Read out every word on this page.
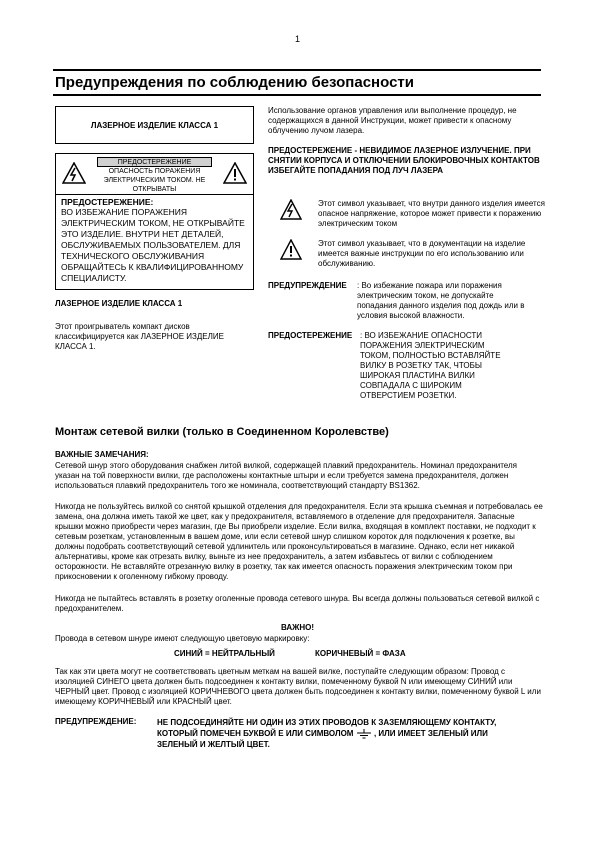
1
Предупреждения по соблюдению безопасности
ЛАЗЕРНОЕ ИЗДЕЛИЕ КЛАССА 1
ПРЕДОСТЕРЕЖЕНИЕ
ОПАСНОСТЬ ПОРАЖЕНИЯ ЭЛЕКТРИЧЕСКИМ ТОКОМ. НЕ ОТКРЫВАТЫ
ПРЕДОСТЕРЕЖЕНИЕ:
ВО ИЗБЕЖАНИЕ ПОРАЖЕНИЯ ЭЛЕКТРИЧЕСКИМ ТОКОМ, НЕ ОТКРЫВАЙТЕ ЭТО ИЗДЕЛИЕ. ВНУТРИ НЕТ ДЕТАЛЕЙ, ОБСЛУЖИВАЕМЫХ ПОЛЬЗОВАТЕЛЕМ. ДЛЯ ТЕХНИЧЕСКОГО ОБСЛУЖИВАНИЯ ОБРАЩАЙТЕСЬ К КВАЛИФИЦИРОВАННОМУ СПЕЦИАЛИСТУ.
ЛАЗЕРНОЕ ИЗДЕЛИЕ КЛАССА 1
Этот проигрыватель компакт дисков классифицируется как ЛАЗЕРНОЕ ИЗДЕЛИЕ КЛАССА 1.
Использование органов управления или выполнение процедур, не содержащихся в данной Инструкции, может привести к опасному облучению лучом лазера.
ПРЕДОСТЕРЕЖЕНИЕ - НЕВИДИМОЕ ЛАЗЕРНОЕ ИЗЛУЧЕНИЕ. ПРИ СНЯТИИ КОРПУСА И ОТКЛЮЧЕНИИ БЛОКИРОВОЧНЫХ КОНТАКТОВ ИЗБЕГАЙТЕ ПОПАДАНИЯ ПОД ЛУЧ ЛАЗЕРА
Этот символ указывает, что внутри данного изделия имеется опасное напряжение, которое может привести к поражению электрическим током
Этот символ указывает, что в документации на изделие имеется важные инструкции по его использованию или обслуживанию.
ПРЕДУПРЕЖДЕНИЕ : Во избежание пожара или поражения электрическим током, не допускайте попадания данного изделия под дождь или в условия высокой влажности.
ПРЕДОСТЕРЕЖЕНИЕ : ВО ИЗБЕЖАНИЕ ОПАСНОСТИ ПОРАЖЕНИЯ ЭЛЕКТРИЧЕСКИМ ТОКОМ, ПОЛНОСТЬЮ ВСТАВЛЯЙТЕ ВИЛКУ В РОЗЕТКУ ТАК, ЧТОБЫ ШИРОКАЯ ПЛАСТИНА ВИЛКИ СОВПАДАЛА С ШИРОКИМ ОТВЕРСТИЕМ РОЗЕТКИ.
Монтаж сетевой вилки (только в Соединенном Королевстве)
ВАЖНЫЕ ЗАМЕЧАНИЯ:
Сетевой шнур этого оборудования снабжен литой вилкой, содержащей плавкий предохранитель. Номинал предохранителя указан на той поверхности вилки, где расположены контактные штыри и если требуется замена предохранителя, должен использоваться плавкий предохранитель того же номинала, соответствующий стандарту BS1362.
Никогда не пользуйтесь вилкой со снятой крышкой отделения для предохранителя. Если эта крышка съемная и потребовалась ее замена, она должна иметь такой же цвет, как у предохранителя, вставляемого в отделение для предохранителя. Запасные крышки можно приобрести через магазин, где Вы приобрели изделие. Если вилка, входящая в комплект поставки, не подходит к сетевым розеткам, установленным в вашем доме, или если сетевой шнур слишком короток для подключения к розетке, вы должны подобрать соответствующий сетевой удлинитель или проконсультироваться в магазине. Однако, если нет никакой альтернативы, кроме как отрезать вилку, выньте из нее предохранитель, а затем избавьтесь от вилки с соблюдением осторожности. Не вставляйте отрезанную вилку в розетку, так как имеется опасность поражения электрическим током при прикосновении к оголенному гибкому проводу.
Никогда не пытайтесь вставлять в розетку оголенные провода сетевого шнура. Вы всегда должны пользоваться сетевой вилкой с предохранителем.
ВАЖНО!
Провода в сетевом шнуре имеют следующую цветовую маркировку:
СИНИЙ = НЕЙТРАЛЬНЫЙ	КОРИЧНЕВЫЙ = ФАЗА
Так как эти цвета могут не соответствовать цветным меткам на вашей вилке, поступайте следующим образом: Провод с изоляцией СИНЕГО цвета должен быть подсоединен к контакту вилки, помеченному буквой N или имеющему СИНИЙ или ЧЕРНЫЙ цвет. Провод с изоляцией КОРИЧНЕВОГО цвета должен быть подсоединен к контакту вилки, помеченному буквой L или имеющему КОРИЧНЕВЫЙ или КРАСНЫЙ цвет.
ПРЕДУПРЕЖДЕНИЕ:	НЕ ПОДСОЕДИНЯЙТЕ НИ ОДИН ИЗ ЭТИХ ПРОВОДОВ К ЗАЗЕМЛЯЮЩЕМУ КОНТАКТУ, КОТОРЫЙ ПОМЕЧЕН БУКВОЙ Е ИЛИ СИМВОЛОМ	, ИЛИ ИМЕЕТ ЗЕЛЕНЫЙ ИЛИ ЗЕЛЕНЫЙ И ЖЕЛТЫЙ ЦВЕТ.
